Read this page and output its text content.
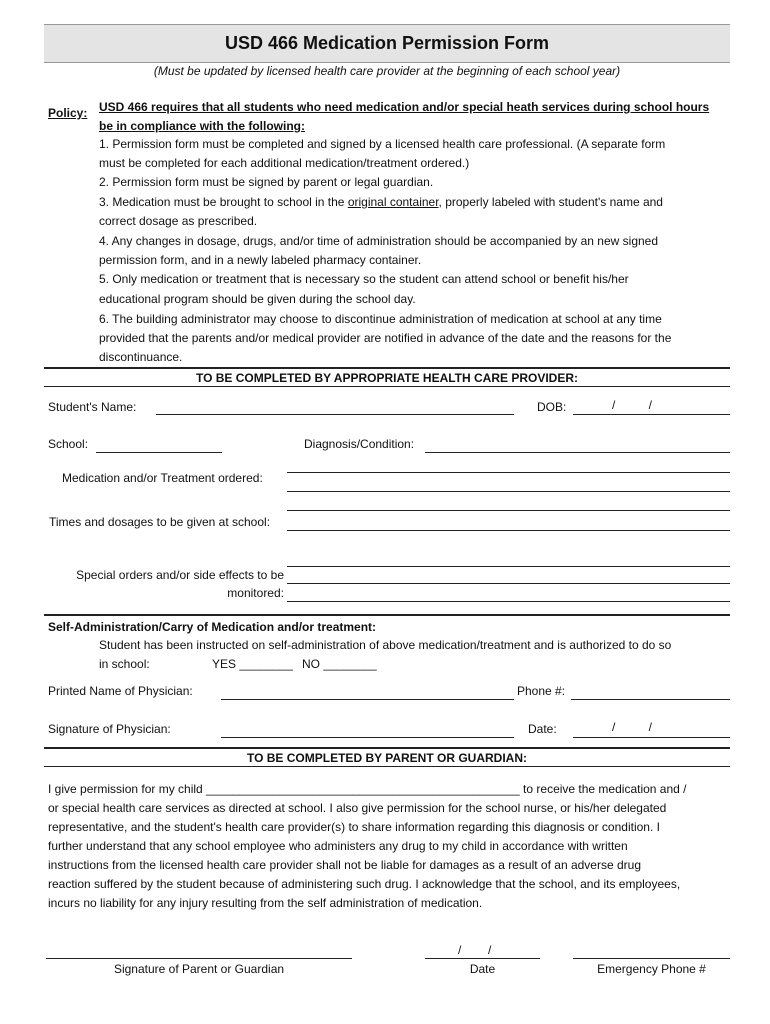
USD 466 Medication Permission Form
(Must be updated by licensed health care provider at the beginning of each school year)
Policy: USD 466 requires that all students who need medication and/or special heath services during school hours
be in compliance with the following:
1. Permission form must be completed and signed by a licensed health care professional. (A separate form
must be completed for each additional medication/treatment ordered.)
2. Permission form must be signed by parent or legal guardian.
3. Medication must be brought to school in the original container, properly labeled with student's name and
correct dosage as prescribed.
4. Any changes in dosage, drugs, and/or time of administration should be accompanied by an new signed
permission form, and in a newly labeled pharmacy container.
5. Only medication or treatment that is necessary so the student can attend school or benefit his/her
educational program should be given during the school day.
6. The building administrator may choose to discontinue administration of medication at school at any time
provided that the parents and/or medical provider are notified in advance of the date and the reasons for the
discontinuance.
TO BE COMPLETED BY APPROPRIATE HEALTH CARE PROVIDER:
Student's Name:	DOB:	/          /
School:	Diagnosis/Condition:
Medication and/or Treatment ordered:
Times and dosages to be given at school:
Special orders and/or side effects to be
monitored:
Self-Administration/Carry of Medication and/or treatment:
Student has been instructed on self-administration of above medication/treatment and is authorized to do so
in school:	YES ________ NO ________
Printed Name of Physician:	Phone #:
Signature of Physician:	Date:	/          /
TO BE COMPLETED BY PARENT OR GUARDIAN:
I give permission for my child _______________________________________________ to receive the medication and /
or special health care services as directed at school. I also give permission for the school nurse, or his/her delegated
representative, and the student's health care provider(s) to share information regarding this diagnosis or condition. I
further understand that any school employee who administers any drug to my child in accordance with written
instructions from the licensed health care provider shall not be liable for damages as a result of an adverse drug
reaction suffered by the student because of administering such drug. I acknowledge that the school, and its employees,
incurs no liability for any injury resulting from the self administration of medication.
/        /
Signature of Parent or Guardian	Date	Emergency Phone #
